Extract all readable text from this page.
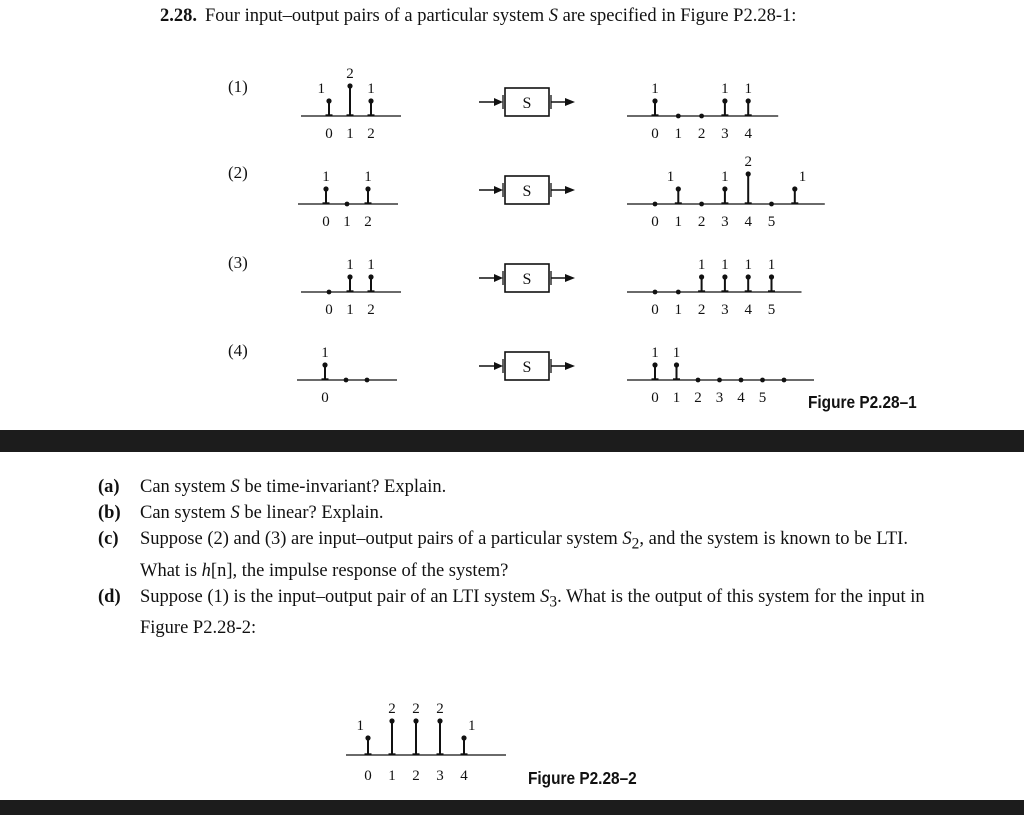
2.28. Four input–output pairs of a particular system S are specified in Figure P2.28-1:
(1)	1
2
1
0 1 2
S
1	1 1
0 1 2 3 4
(2)	1 1
0 1 2
S
1	1
2
1
0 1 2 3 4 5
(3)	1 1
0 1 2
S
1 1 1 1
0 1 2 3 4 5
(4)	1
0
S
1 1
0 1 2 3 4 5 Figure P2.28–1
(a) Can system S be time-invariant? Explain.
(b) Can system S be linear? Explain.
(c) Suppose (2) and (3) are input–output pairs of a particular system $S_2$, and the system is known to be LTI. What is h[n], the impulse response of the system?
(d) Suppose (1) is the input–output pair of an LTI system $S_3$. What is the output of this system for the input in Figure P2.28-2:
1
2 2 2
1
0 1 2 3 4	Figure P2.28–2
